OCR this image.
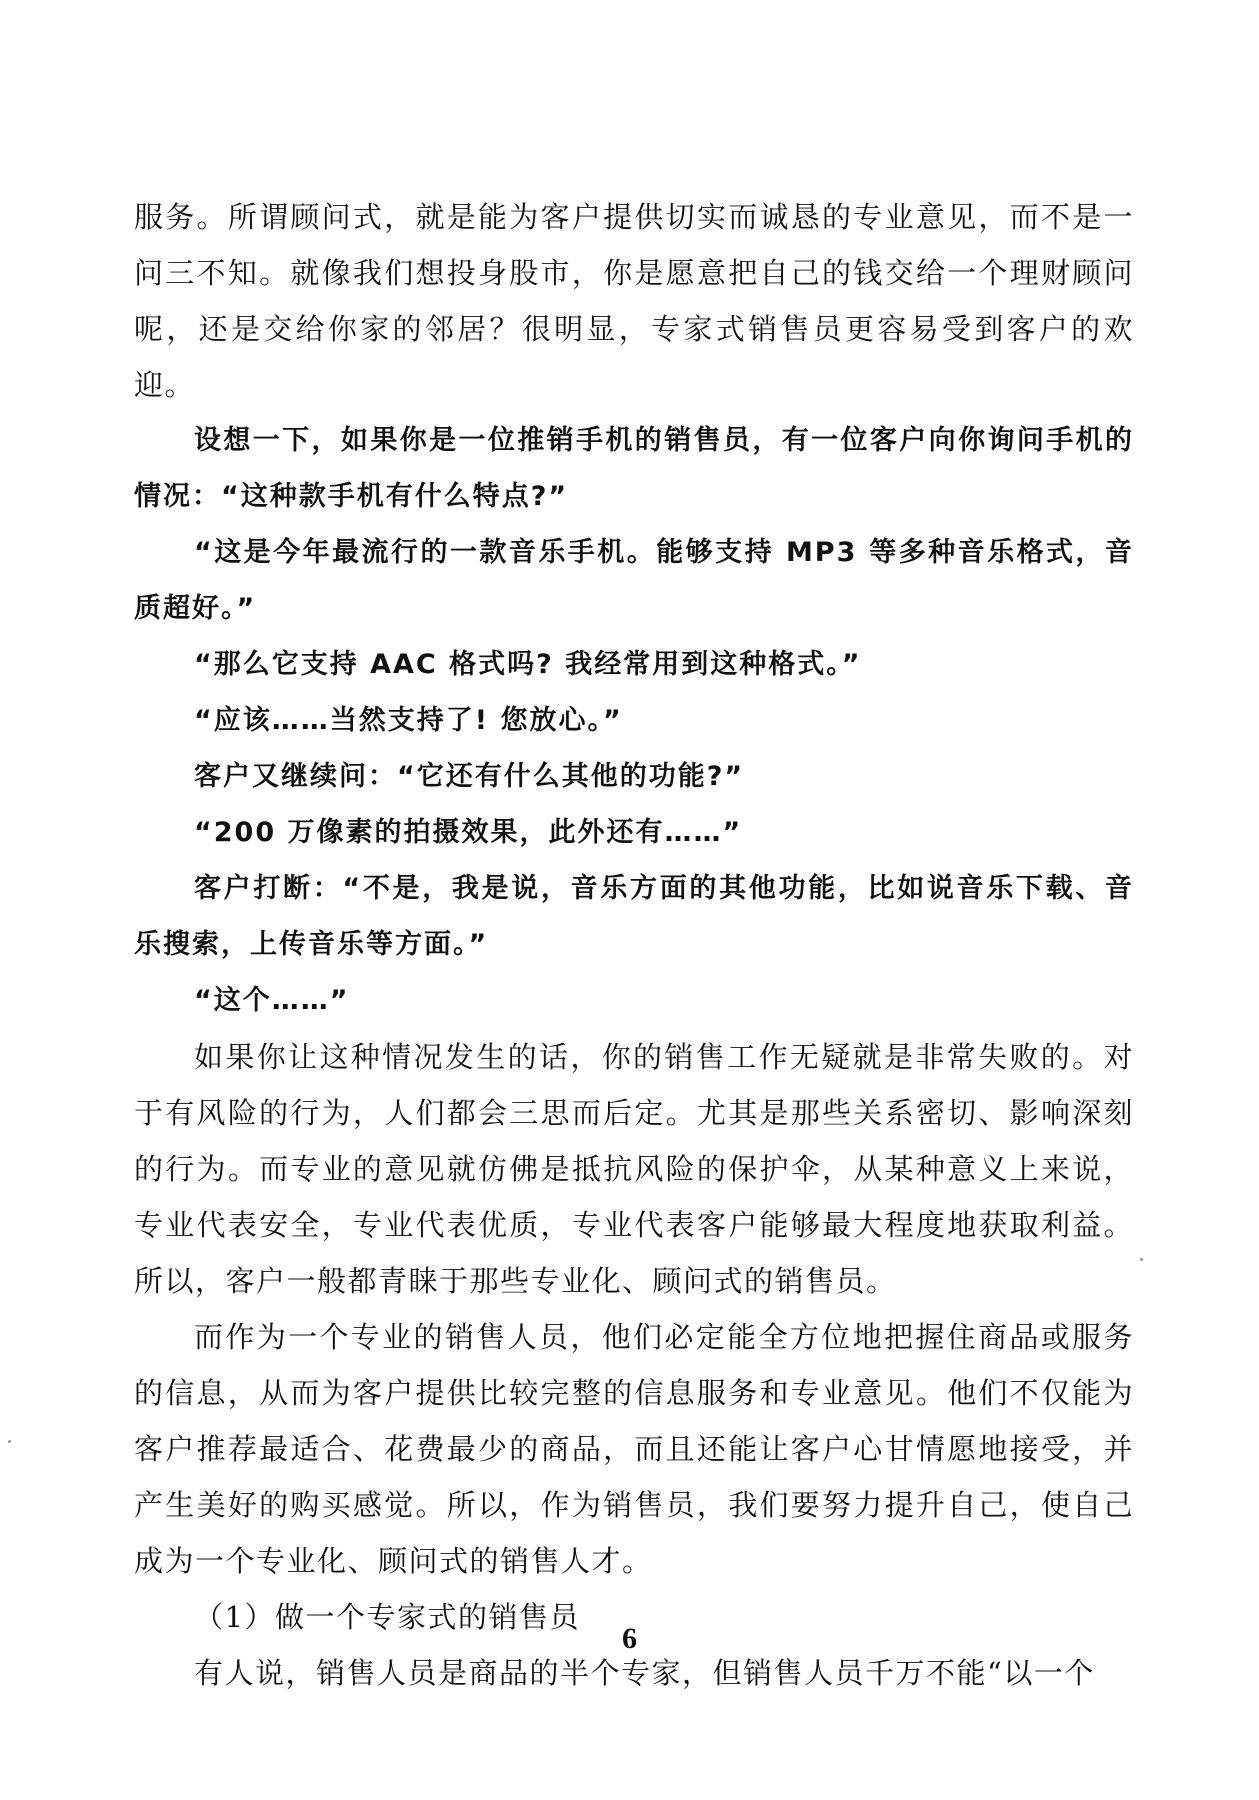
服务。所谓顾问式，就是能为客户提供切实而诚恳的专业意见，而不是一问三不知。就像我们想投身股市，你是愿意把自己的钱交给一个理财顾问呢，还是交给你家的邻居？很明显，专家式销售员更容易受到客户的欢迎。

设想一下，如果你是一位推销手机的销售员，有一位客户向你询问手机的情况：“这种款手机有什么特点?”

“这是今年最流行的一款音乐手机。能够支持 MP3 等多种音乐格式，音质超好。”

“那么它支持 AAC 格式吗? 我经常用到这种格式。”

“应该……当然支持了! 您放心。”

客户又继续问：“它还有什么其他的功能?”

“200 万像素的拍摄效果，此外还有……”

客户打断：“不是，我是说，音乐方面的其他功能，比如说音乐下载、音乐搜索，上传音乐等方面。”

“这个……”

如果你让这种情况发生的话，你的销售工作无疑就是非常失败的。对于有风险的行为，人们都会三思而后定。尤其是那些关系密切、影响深刻的行为。而专业的意见就仿佛是抵抗风险的保护伞，从某种意义上来说，专业代表安全，专业代表优质，专业代表客户能够最大程度地获取利益。所以，客户一般都青睐于那些专业化、顾问式的销售员。

而作为一个专业的销售人员，他们必定能全方位地把握住商品或服务的信息，从而为客户提供比较完整的信息服务和专业意见。他们不仅能为客户推荐最适合、花费最少的商品，而且还能让客户心甘情愿地接受，并产生美好的购买感觉。所以，作为销售员，我们要努力提升自己，使自己成为一个专业化、顾问式的销售人才。

（1）做一个专家式的销售员

有人说，销售人员是商品的半个专家，但销售人员千万不能“以一个

6
